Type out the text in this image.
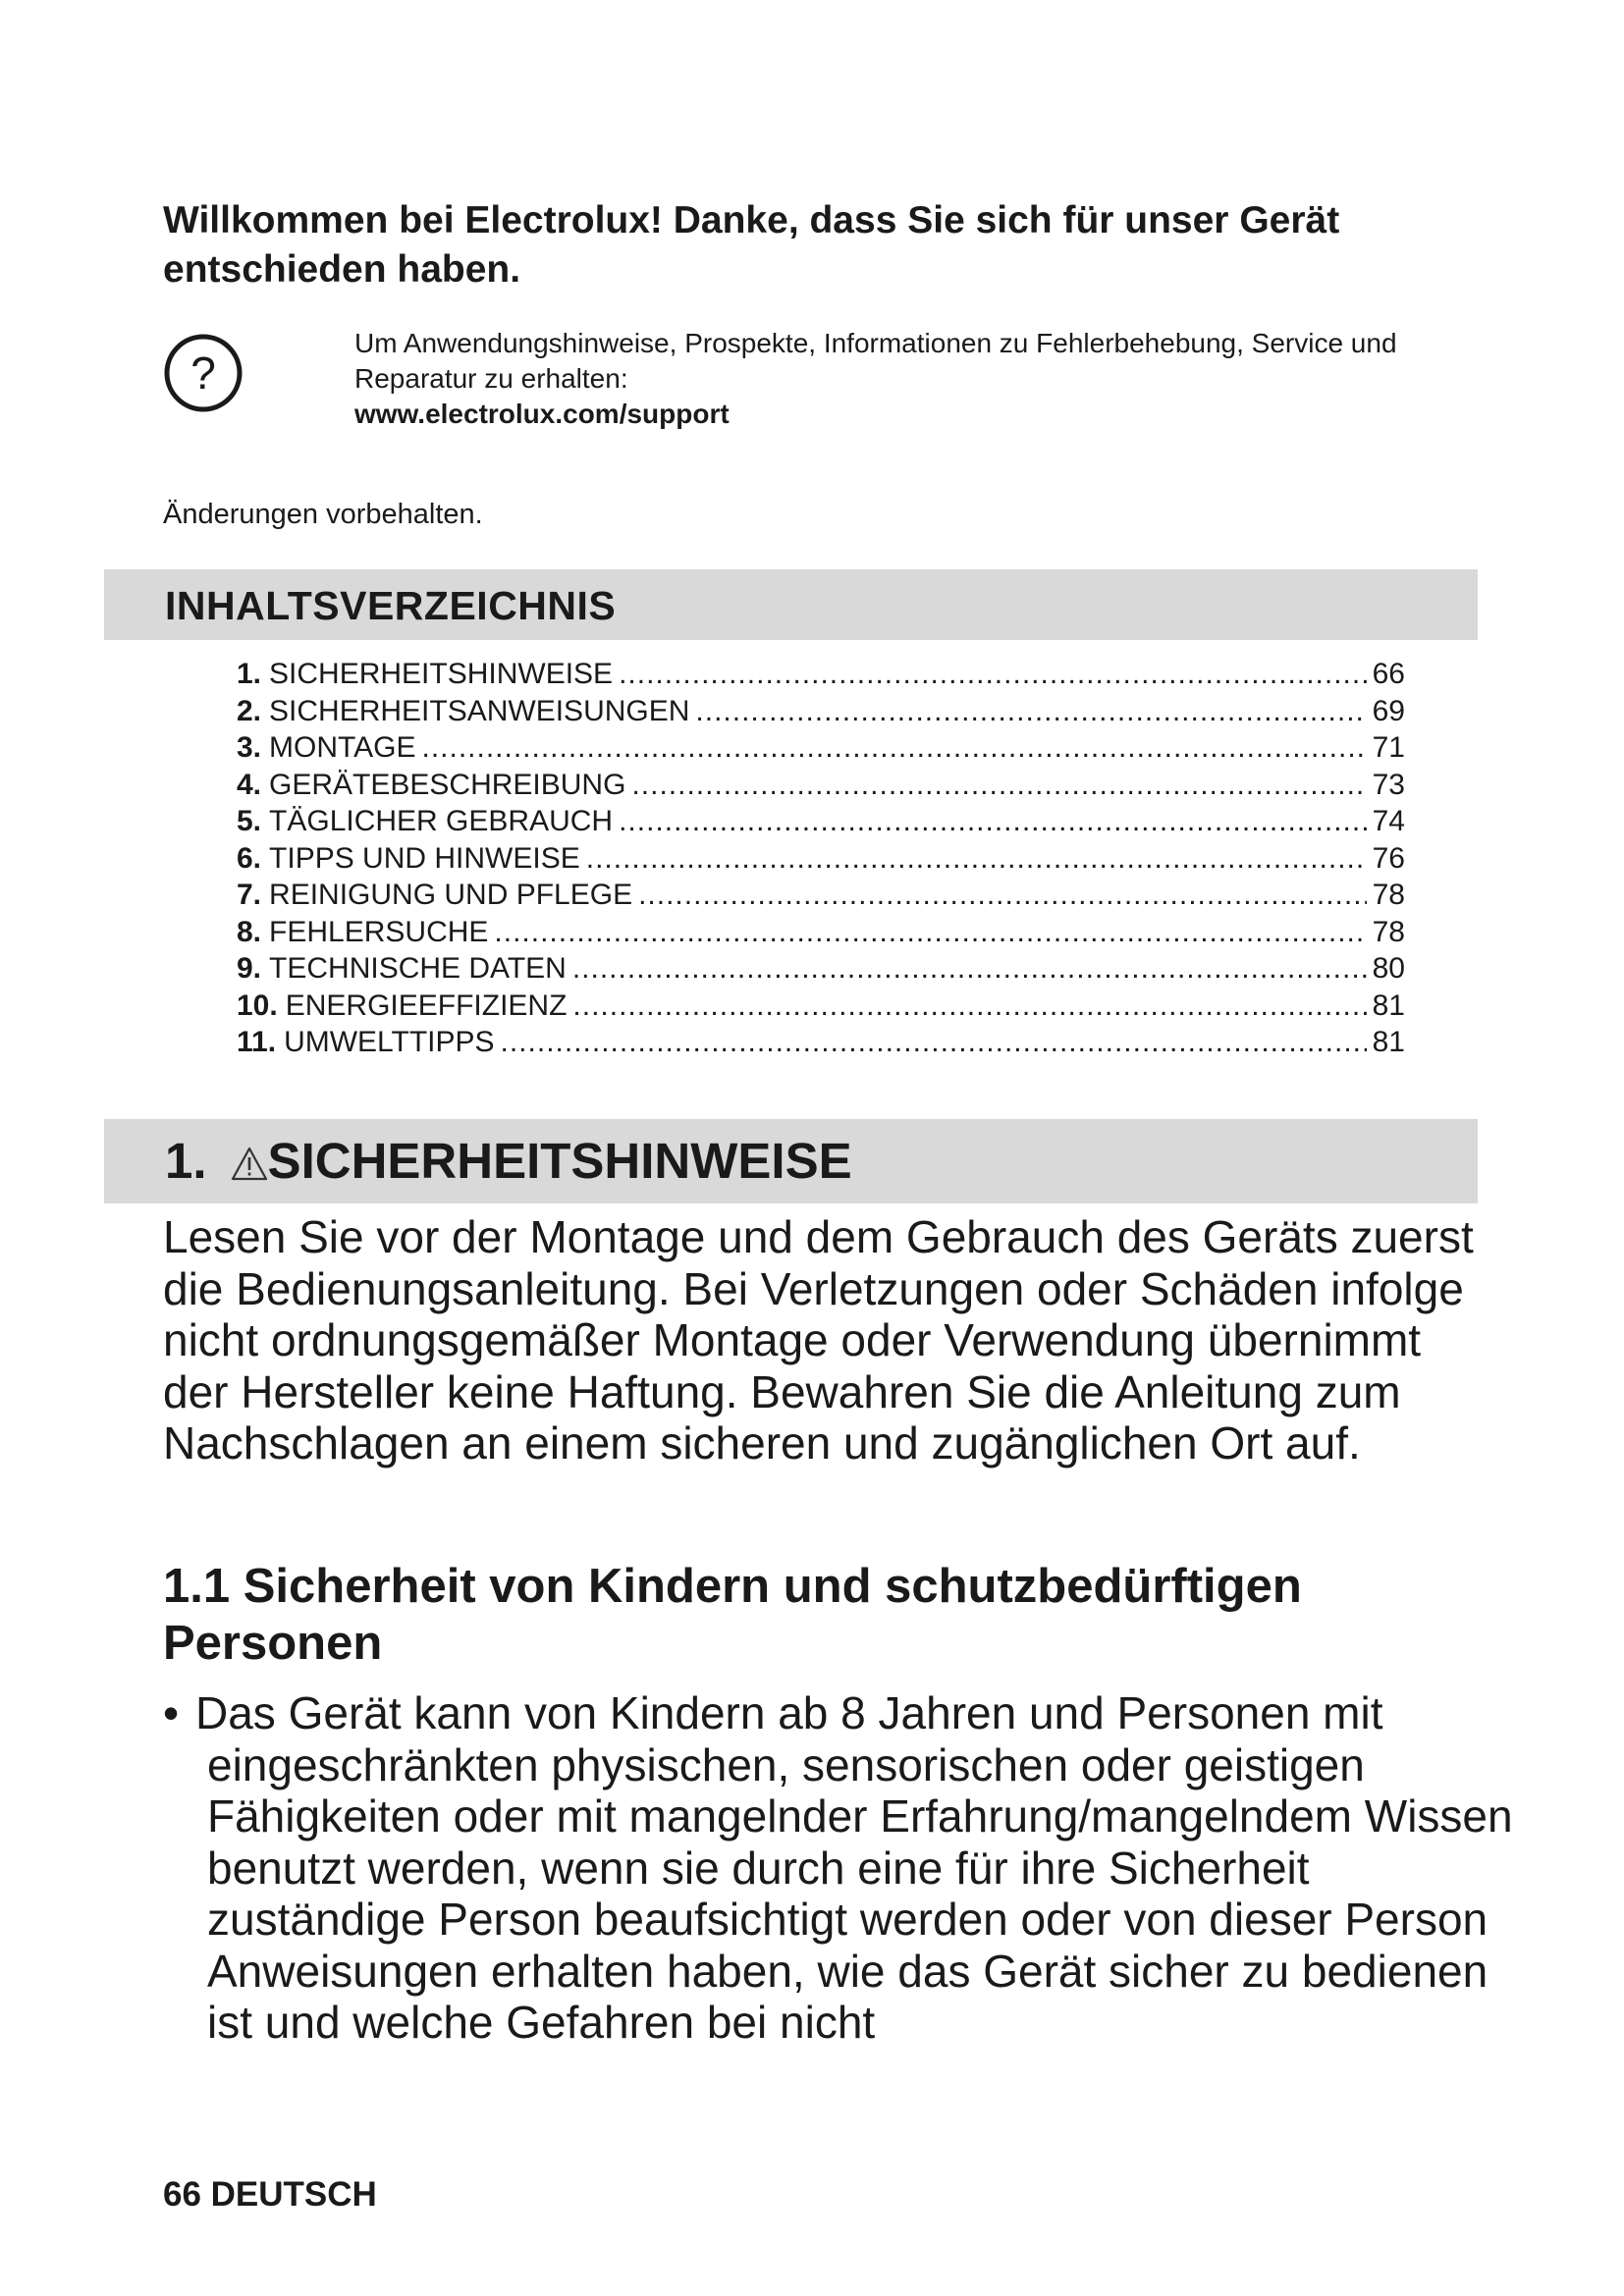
Willkommen bei Electrolux! Danke, dass Sie sich für unser Gerät entschieden haben.
?

Um Anwendungshinweise, Prospekte, Informationen zu Fehlerbehebung, Service und Reparatur zu erhalten:
www.electrolux.com/support

Änderungen vorbehalten.

INHALTSVERZEICHNIS
1. SICHERHEITSHINWEISE .....	66
2. SICHERHEITSANWEISUNGEN .....	69
3. MONTAGE .....	71
4. GERÄTEBESCHREIBUNG .....	73
5. TÄGLICHER GEBRAUCH .....	74
6. TIPPS UND HINWEISE .....	76
7. REINIGUNG UND PFLEGE .....	78
8. FEHLERSUCHE .....	78
9. TECHNISCHE DATEN .....	80
10. ENERGIEEFFIZIENZ .....	81
11. UMWELTTIPPS .....	81
1. SICHERHEITSHINWEISE

Lesen Sie vor der Montage und dem Gebrauch des Geräts zuerst die Bedienungsanleitung. Bei Verletzungen oder Schäden infolge nicht ordnungsgemäßer Montage oder Verwendung übernimmt der Hersteller keine Haftung. Bewahren Sie die Anleitung zum Nachschlagen an einem sicheren und zugänglichen Ort auf.

1.1 Sicherheit von Kindern und schutzbedürftigen Personen

• Das Gerät kann von Kindern ab 8 Jahren und Personen mit eingeschränkten physischen, sensorischen oder geistigen Fähigkeiten oder mit mangelnder Erfahrung/mangelndem Wissen benutzt werden, wenn sie durch eine für ihre Sicherheit zuständige Person beaufsichtigt werden oder von dieser Person Anweisungen erhalten haben, wie das Gerät sicher zu bedienen ist und welche Gefahren bei nicht

66 DEUTSCH
